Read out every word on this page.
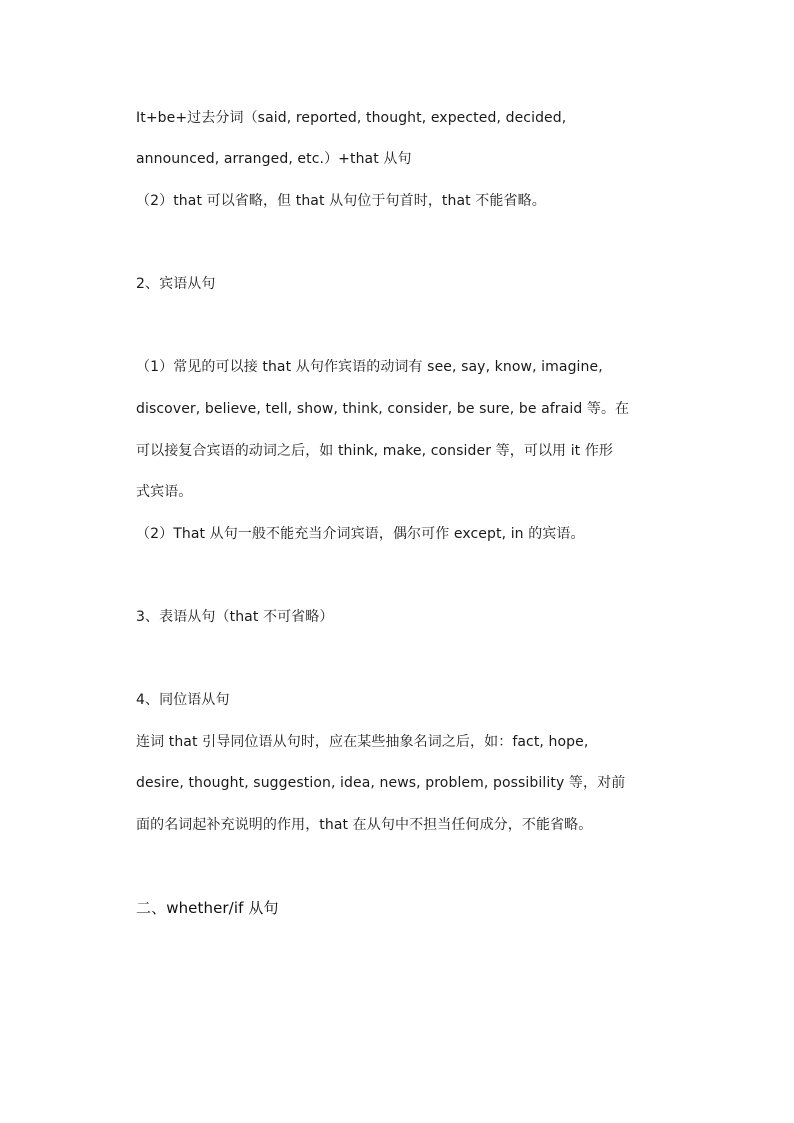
It+be+过去分词（said, reported, thought, expected, decided,
announced, arranged, etc.）+that 从句
（2）that 可以省略，但 that 从句位于句首时，that 不能省略。
2、宾语从句
（1）常见的可以接 that 从句作宾语的动词有 see, say, know, imagine,
discover, believe, tell, show, think, consider, be sure, be afraid 等。在
可以接复合宾语的动词之后，如 think, make, consider 等，可以用 it 作形
式宾语。
（2）That 从句一般不能充当介词宾语，偶尔可作 except, in 的宾语。
3、表语从句（that 不可省略）
4、同位语从句
连词 that 引导同位语从句时，应在某些抽象名词之后，如：fact, hope,
desire, thought, suggestion, idea, news, problem, possibility 等，对前
面的名词起补充说明的作用，that 在从句中不担当任何成分，不能省略。
二、whether/if 从句
